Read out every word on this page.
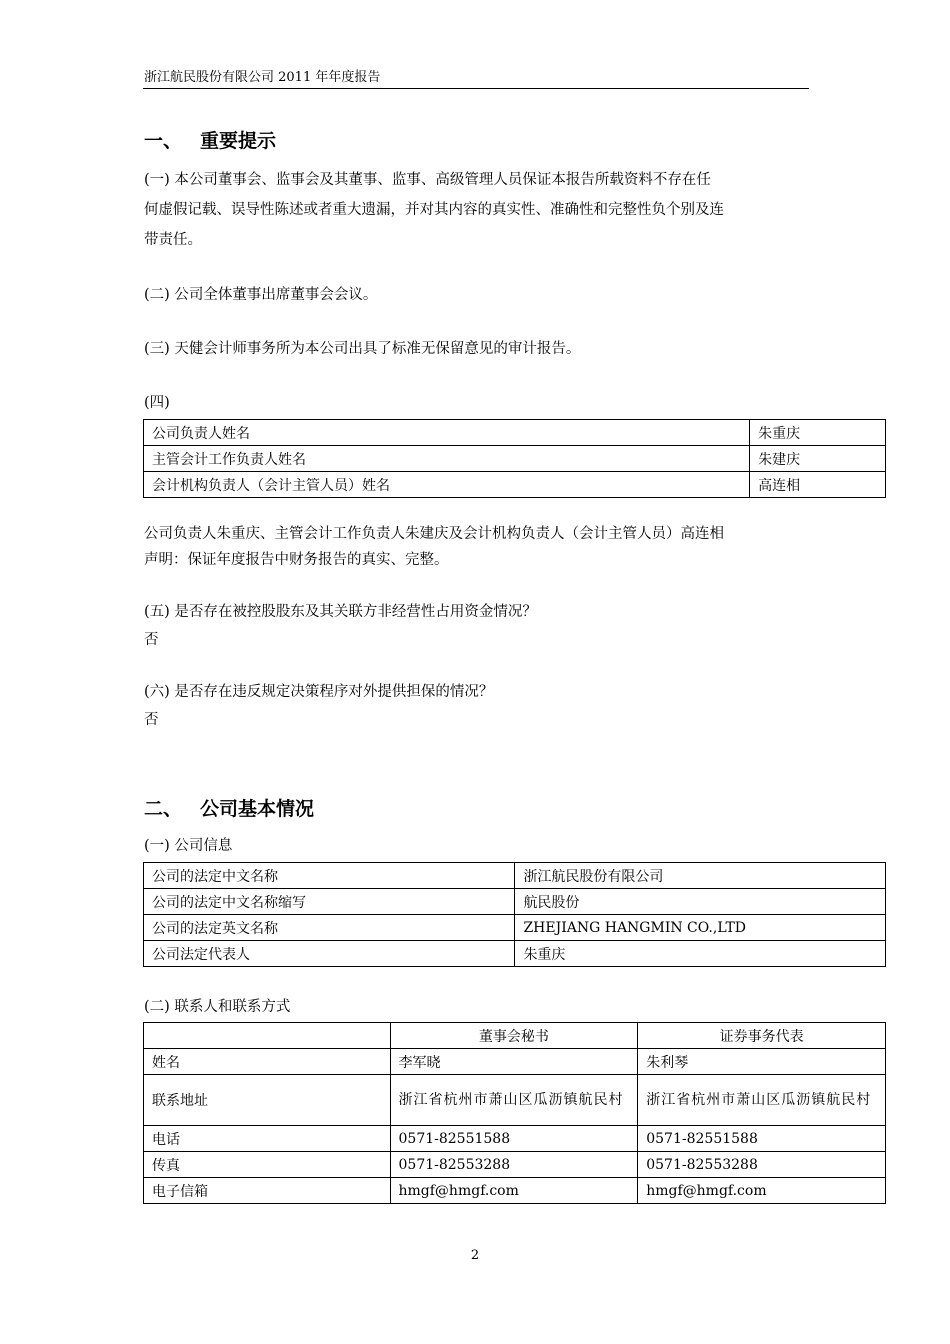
浙江航民股份有限公司 2011 年年度报告
一、 重要提示
(一) 本公司董事会、监事会及其董事、监事、高级管理人员保证本报告所载资料不存在任
何虚假记载、误导性陈述或者重大遗漏，并对其内容的真实性、准确性和完整性负个别及连
带责任。
(二) 公司全体董事出席董事会会议。
(三) 天健会计师事务所为本公司出具了标准无保留意见的审计报告。
(四)
公司负责人姓名	朱重庆
主管会计工作负责人姓名	朱建庆
会计机构负责人（会计主管人员）姓名	高连相
公司负责人朱重庆、主管会计工作负责人朱建庆及会计机构负责人（会计主管人员）高连相
声明：保证年度报告中财务报告的真实、完整。
(五) 是否存在被控股股东及其关联方非经营性占用资金情况？
否
(六) 是否存在违反规定决策程序对外提供担保的情况？
否
二、 公司基本情况
(一) 公司信息
公司的法定中文名称	浙江航民股份有限公司
公司的法定中文名称缩写	航民股份
公司的法定英文名称	ZHEJIANG HANGMIN CO.,LTD
公司法定代表人	朱重庆
(二) 联系人和联系方式
	董事会秘书	证券事务代表
姓名	李军晓	朱利琴
联系地址	浙江省杭州市萧山区瓜沥镇航民村	浙江省杭州市萧山区瓜沥镇航民村
电话	0571-82551588	0571-82551588
传真	0571-82553288	0571-82553288
电子信箱	hmgf@hmgf.com	hmgf@hmgf.com
2
